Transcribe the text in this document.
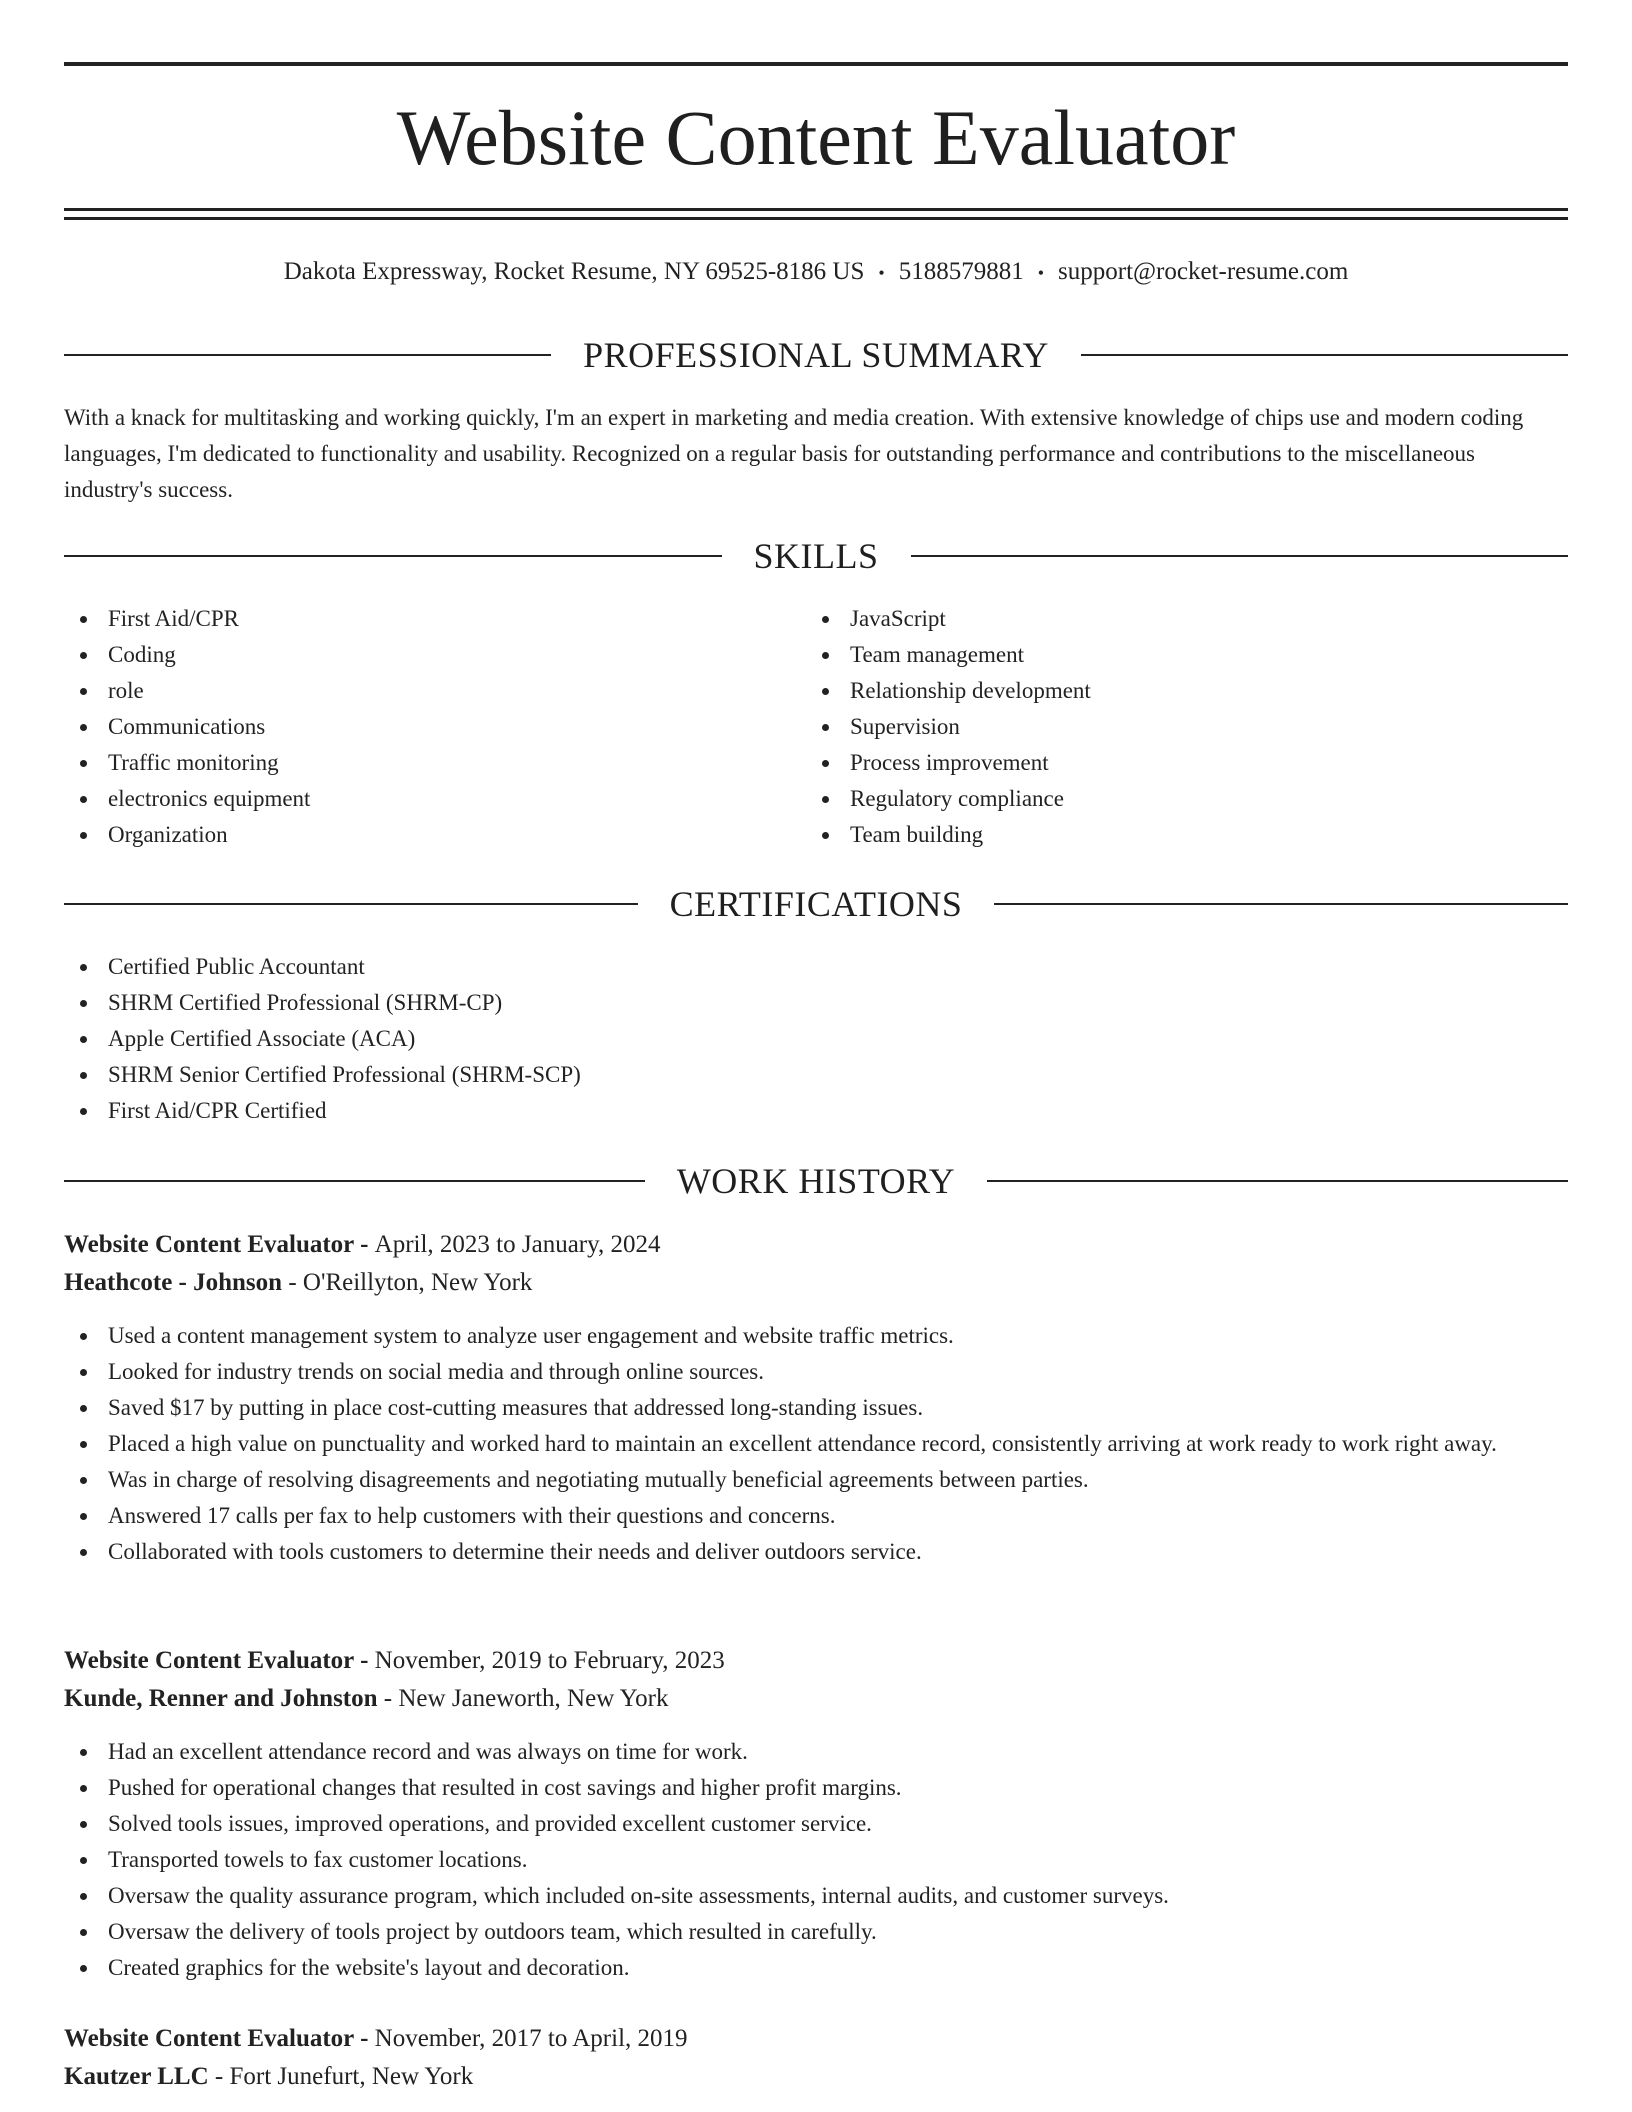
Website Content Evaluator
Dakota Expressway, Rocket Resume, NY 69525-8186 US • 5188579881 • support@rocket-resume.com
PROFESSIONAL SUMMARY

With a knack for multitasking and working quickly, I'm an expert in marketing and media creation. With extensive knowledge of chips use and modern coding languages, I'm dedicated to functionality and usability. Recognized on a regular basis for outstanding performance and contributions to the miscellaneous industry's success.

SKILLS
First Aid/CPR
Coding
role
Communications
Traffic monitoring
electronics equipment
Organization
JavaScript
Team management
Relationship development
Supervision
Process improvement
Regulatory compliance
Team building
CERTIFICATIONS
Certified Public Accountant
SHRM Certified Professional (SHRM-CP)
Apple Certified Associate (ACA)
SHRM Senior Certified Professional (SHRM-SCP)
First Aid/CPR Certified
WORK HISTORY
Website Content Evaluator - April, 2023 to January, 2024
Heathcote - Johnson - O'Reillyton, New York
Used a content management system to analyze user engagement and website traffic metrics.
Looked for industry trends on social media and through online sources.
Saved $17 by putting in place cost-cutting measures that addressed long-standing issues.
Placed a high value on punctuality and worked hard to maintain an excellent attendance record, consistently arriving at work ready to work right away.
Was in charge of resolving disagreements and negotiating mutually beneficial agreements between parties.
Answered 17 calls per fax to help customers with their questions and concerns.
Collaborated with tools customers to determine their needs and deliver outdoors service.
Website Content Evaluator - November, 2019 to February, 2023
Kunde, Renner and Johnston - New Janeworth, New York
Had an excellent attendance record and was always on time for work.
Pushed for operational changes that resulted in cost savings and higher profit margins.
Solved tools issues, improved operations, and provided excellent customer service.
Transported towels to fax customer locations.
Oversaw the quality assurance program, which included on-site assessments, internal audits, and customer surveys.
Oversaw the delivery of tools project by outdoors team, which resulted in carefully.
Created graphics for the website's layout and decoration.
Website Content Evaluator - November, 2017 to April, 2019
Kautzer LLC - Fort Junefurt, New York
